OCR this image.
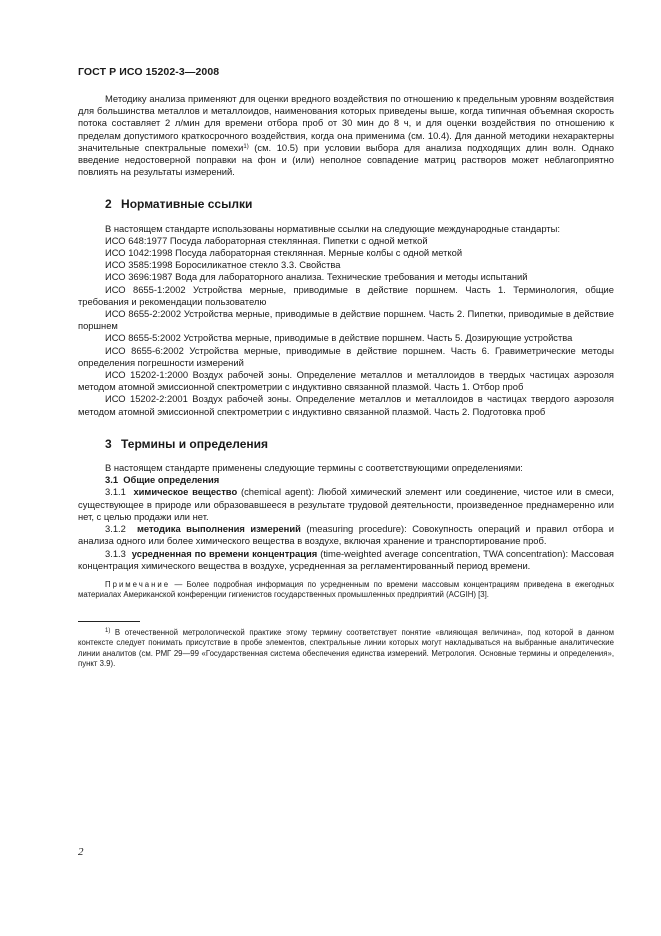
ГОСТ Р ИСО 15202-3—2008

Методику анализа применяют для оценки вредного воздействия по отношению к предельным уровням воздействия для большинства металлов и металлоидов, наименования которых приведены выше, когда типичная объемная скорость потока составляет 2 л/мин для времени отбора проб от 30 мин до 8 ч, и для оценки воздействия по отношению к пределам допустимого краткосрочного воздействия, когда она применима (см. 10.4). Для данной методики нехарактерны значительные спектральные помехи$^{1)}$ (см. 10.5) при условии выбора для анализа подходящих длин волн. Однако введение недостоверной поправки на фон и (или) неполное совпадение матриц растворов может неблагоприятно повлиять на результаты измерений.

2 Нормативные ссылки

В настоящем стандарте использованы нормативные ссылки на следующие международные стандарты:

ИСО 648:1977 Посуда лабораторная стеклянная. Пипетки с одной меткой

ИСО 1042:1998 Посуда лабораторная стеклянная. Мерные колбы с одной меткой

ИСО 3585:1998 Боросиликатное стекло 3.3. Свойства

ИСО 3696:1987 Вода для лабораторного анализа. Технические требования и методы испытаний

ИСО 8655-1:2002 Устройства мерные, приводимые в действие поршнем. Часть 1. Терминология, общие требования и рекомендации пользователю

ИСО 8655-2:2002 Устройства мерные, приводимые в действие поршнем. Часть 2. Пипетки, приводимые в действие поршнем

ИСО 8655-5:2002 Устройства мерные, приводимые в действие поршнем. Часть 5. Дозирующие устройства

ИСО 8655-6:2002 Устройства мерные, приводимые в действие поршнем. Часть 6. Гравиметрические методы определения погрешности измерений

ИСО 15202-1:2000 Воздух рабочей зоны. Определение металлов и металлоидов в твердых частицах аэрозоля методом атомной эмиссионной спектрометрии с индуктивно связанной плазмой. Часть 1. Отбор проб

ИСО 15202-2:2001 Воздух рабочей зоны. Определение металлов и металлоидов в частицах твердого аэрозоля методом атомной эмиссионной спектрометрии с индуктивно связанной плазмой. Часть 2. Подготовка проб

3 Термины и определения

В настоящем стандарте применены следующие термины с соответствующими определениями:

3.1 Общие определения

3.1.1 химическое вещество (chemical agent): Любой химический элемент или соединение, чистое или в смеси, существующее в природе или образовавшееся в результате трудовой деятельности, произведенное преднамеренно или нет, с целью продажи или нет.

3.1.2 методика выполнения измерений (measuring procedure): Совокупность операций и правил отбора и анализа одного или более химического вещества в воздухе, включая хранение и транспортирование проб.

3.1.3 усредненная по времени концентрация (time-weighted average concentration, TWA concentration): Массовая концентрация химического вещества в воздухе, усредненная за регламентированный период времени.

Примечание — Более подробная информация по усредненным по времени массовым концентрациям приведена в ежегодных материалах Американской конференции гигиенистов государственных промышленных предприятий (ACGIH) [3].

$^{1)}$ В отечественной метрологической практике этому термину соответствует понятие «влияющая величина», под которой в данном контексте следует понимать присутствие в пробе элементов, спектральные линии которых могут накладываться на выбранные аналитические линии аналитов (см. РМГ 29—99 «Государственная система обеспечения единства измерений. Метрология. Основные термины и определения», пункт 3.9).

2
